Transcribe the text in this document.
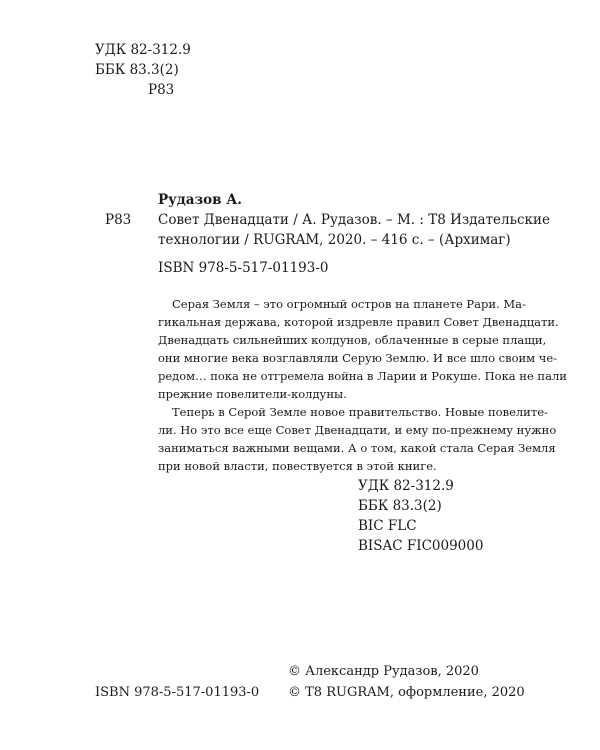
УДК 82-312.9
ББК 83.3(2)
Р83
Рудазов А.
Р83 Совет Двенадцати / А. Рудазов. – М. : Т8 Издательские
технологии / RUGRAM, 2020. – 416 с. – (Архимаг)
ISBN 978-5-517-01193-0
Серая Земля – это огромный остров на планете Рари. Ма-
гикальная держава, которой издревле правил Совет Двенадцати.
Двенадцать сильнейших колдунов, облаченные в серые плащи,
они многие века возглавляли Серую Землю. И все шло своим че-
редом… пока не отгремела война в Ларии и Рокуше. Пока не пали
прежние повелители-колдуны.
Теперь в Серой Земле новое правительство. Новые повелите-
ли. Но это все еще Совет Двенадцати, и ему по-прежнему нужно
заниматься важными вещами. А о том, какой стала Серая Земля
при новой власти, повествуется в этой книге.
УДК 82-312.9
ББК 83.3(2)
BIC FLC
BISAC FIC009000
© Александр Рудазов, 2020
ISBN 978-5-517-01193-0 © Т8 RUGRAM, оформление, 2020
